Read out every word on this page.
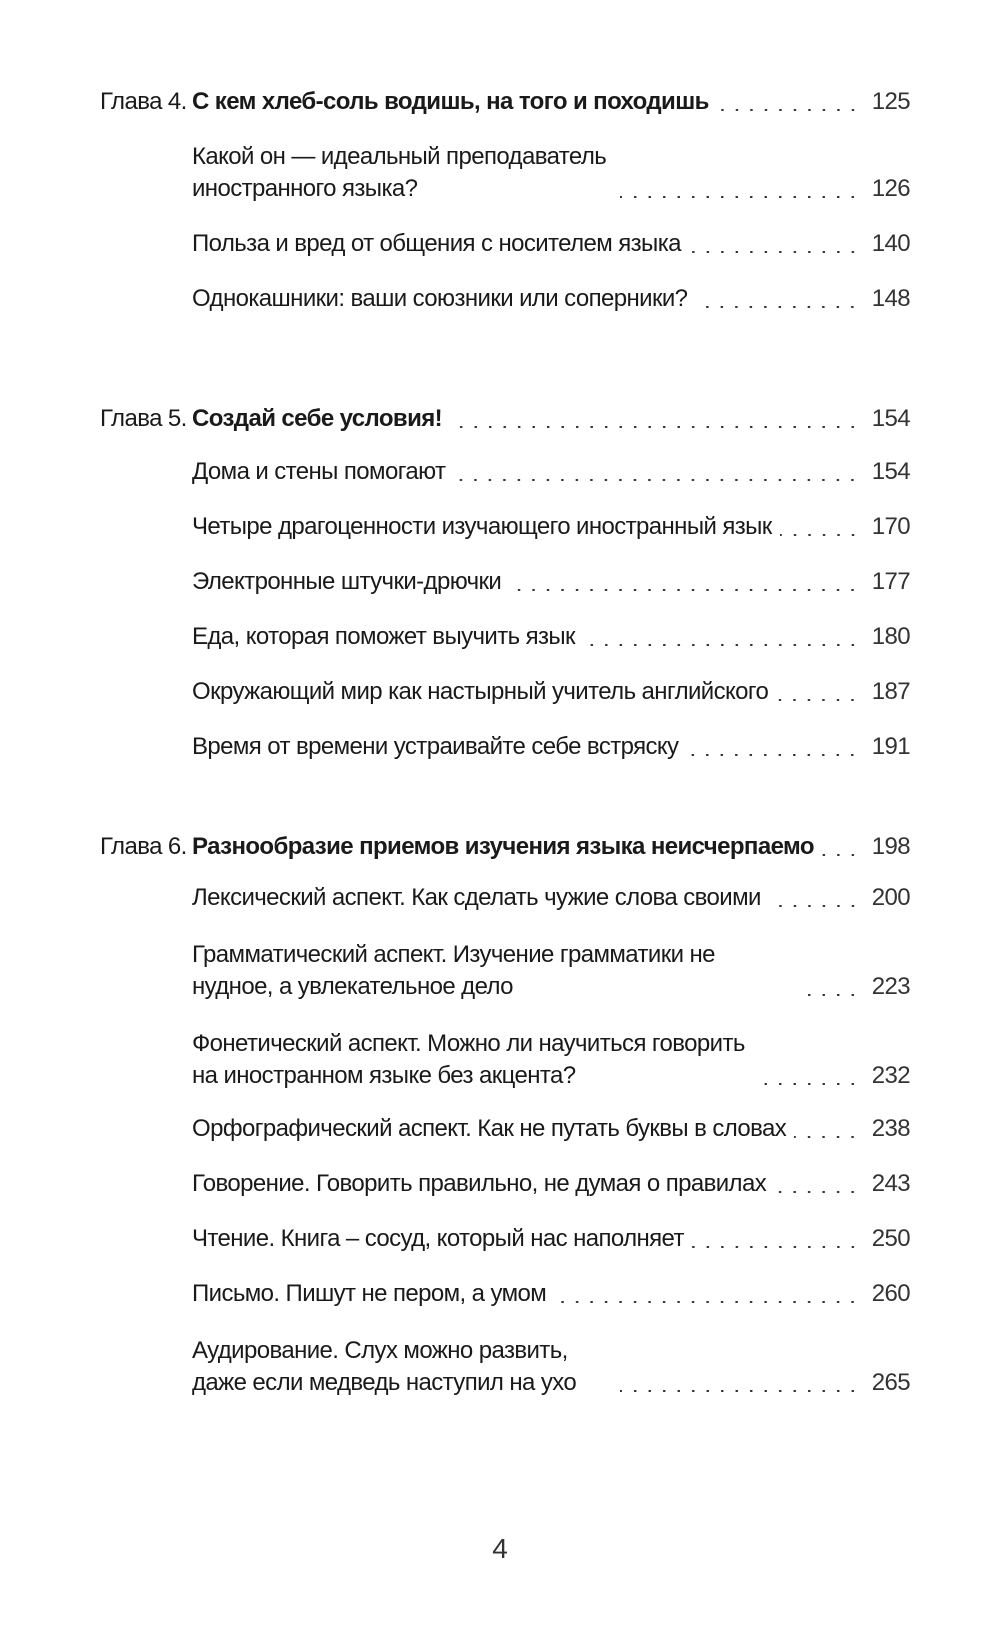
Глава 4. С кем хлеб-соль водишь, на того и походишь	125
Какой он — идеальный преподаватель иностранного языка?	126
Польза и вред от общения с носителем языка	140
Однокашники: ваши союзники или соперники?	148
Глава 5. Создай себе условия!	154
Дома и стены помогают	154
Четыре драгоценности изучающего иностранный язык	170
Электронные штучки-дрючки	177
Еда, которая поможет выучить язык	180
Окружающий мир как настырный учитель английского	187
Время от времени устраивайте себе встряску	191
Глава 6. Разнообразие приемов изучения языка неисчерпаемо 198
Лексический аспект. Как сделать чужие слова своими	200
Грамматический аспект. Изучение грамматики не нудное, а увлекательное дело	223
Фонетический аспект. Можно ли научиться говорить на иностранном языке без акцента?	232
Орфографический аспект. Как не путать буквы в словах	238
Говорение. Говорить правильно, не думая о правилах	243
Чтение. Книга – сосуд, который нас наполняет	250
Письмо. Пишут не пером, а умом	260
Аудирование. Слух можно развить, даже если медведь наступил на ухо	265
4
